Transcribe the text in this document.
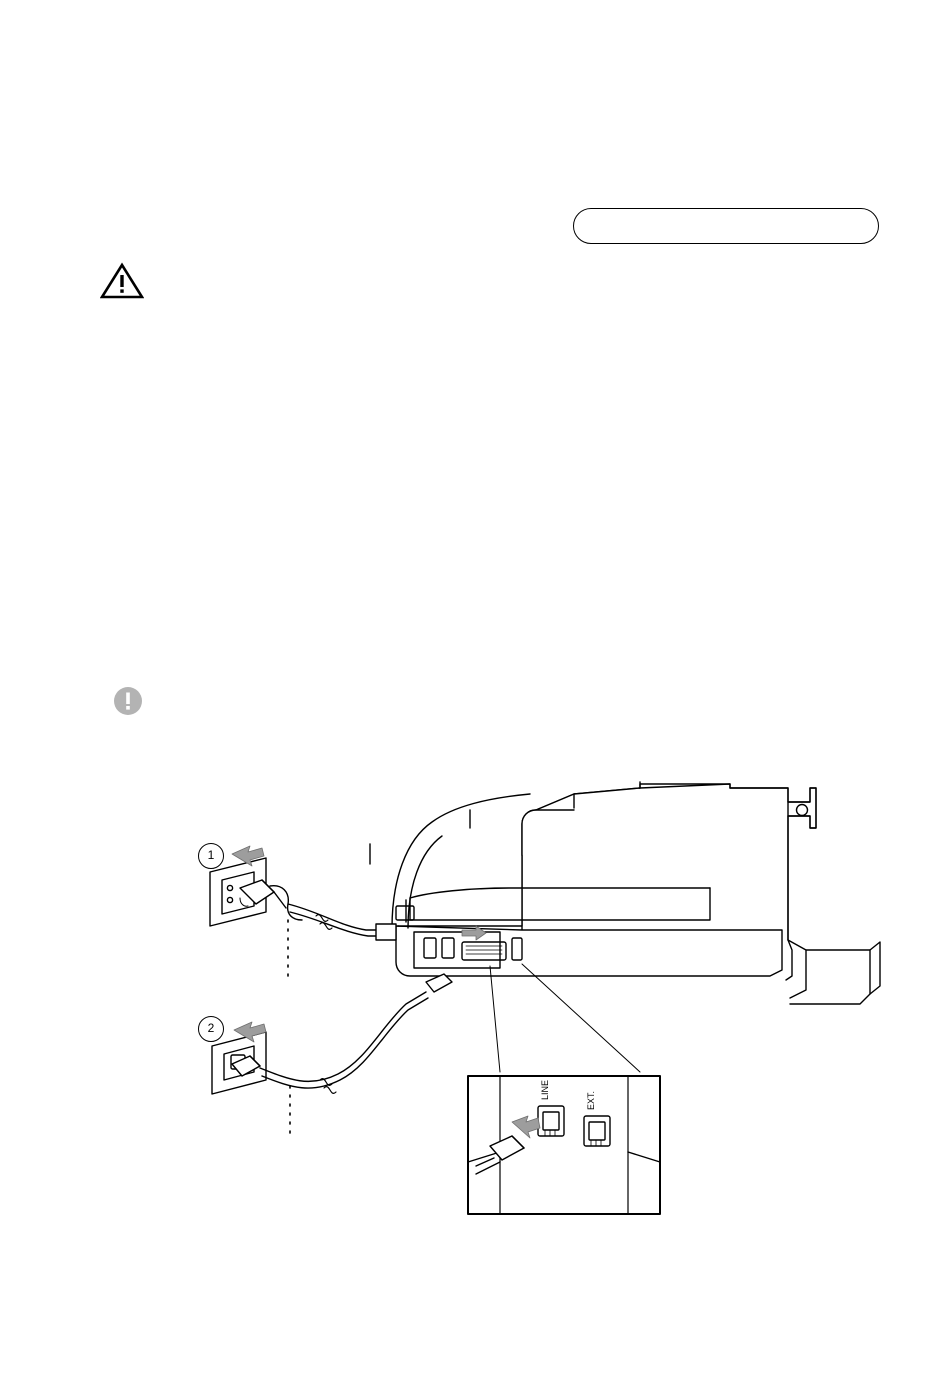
LINE
EXT.
1
2
